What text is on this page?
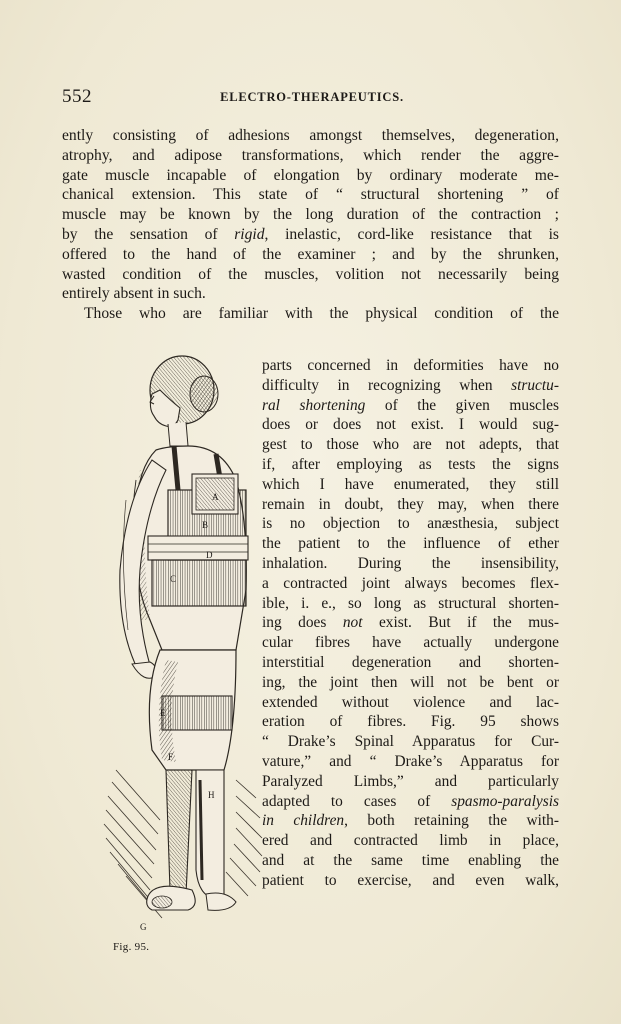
552	ELECTRO-THERAPEUTICS.
ently consisting of adhesions amongst themselves, degeneration,
atrophy, and adipose transformations, which render the aggre-
gate muscle incapable of elongation by ordinary moderate me-
chanical extension. This state of “ structural shortening ” of
muscle may be known by the long duration of the contraction ;
by the sensation of rigid, inelastic, cord-like resistance that is
offered to the hand of the examiner ; and by the shrunken,
wasted condition of the muscles, volition not necessarily being
entirely absent in such.
Those who are familiar with the physical condition of the
parts concerned in deformities have no
difficulty in recognizing when structu-
ral shortening of the given muscles
does or does not exist. I would sug-
gest to those who are not adepts, that
if, after employing as tests the signs
which I have enumerated, they still
remain in doubt, they may, when there
is no objection to anæsthesia, subject
the patient to the influence of ether
inhalation. During the insensibility,
a contracted joint always becomes flex-
ible, i. e., so long as structural shorten-
ing does not exist. But if the mus-
cular fibres have actually undergone
interstitial degeneration and shorten-
ing, the joint then will not be bent or
extended without violence and lac-
eration of fibres. Fig. 95 shows
“ Drake’s Spinal Apparatus for Cur-
vature,” and “ Drake’s Apparatus for
Paralyzed Limbs,” and particularly
adapted to cases of spasmo-paralysis
in children, both retaining the with-
ered and contracted limb in place,
and at the same time enabling the
patient to exercise, and even walk,
A
B
C
D
E
F
H
G
Fig. 95.
